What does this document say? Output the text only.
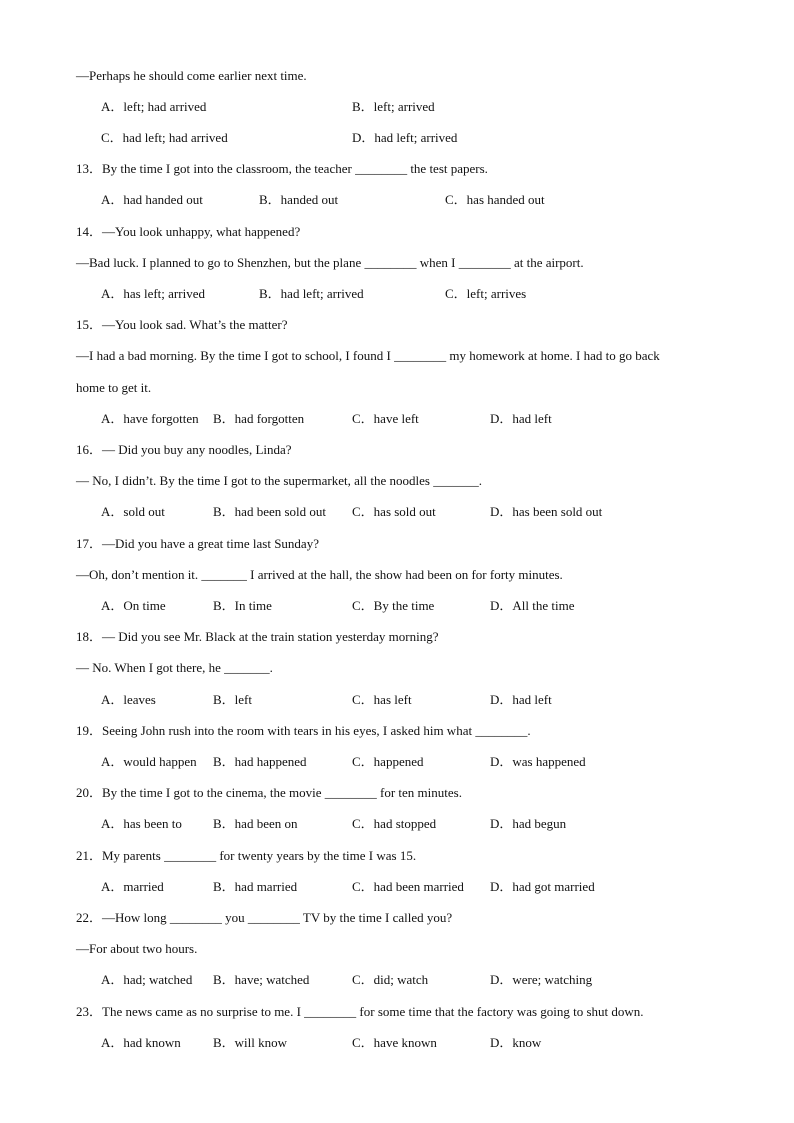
—Perhaps he should come earlier next time.
A．left; had arrived	B．left; arrived
C．had left; had arrived	D．had left; arrived
13．By the time I got into the classroom, the teacher ________ the test papers.
A．had handed out	B．handed out	C．has handed out
14．—You look unhappy, what happened?
—Bad luck. I planned to go to Shenzhen, but the plane ________ when I ________ at the airport.
A．has left; arrived	B．had left; arrived	C．left; arrives
15．—You look sad. What’s the matter?
—I had a bad morning. By the time I got to school, I found I ________ my homework at home. I had to go back
home to get it.
A．have forgotten B．had forgotten	C．have left	D．had left
16．— Did you buy any noodles, Linda?
— No, I didn’t. By the time I got to the supermarket, all the noodles _______.
A．sold out	B．had been sold out C．has sold out	D．has been sold out
17．—Did you have a great time last Sunday?
—Oh, don’t mention it. _______ I arrived at the hall, the show had been on for forty minutes.
A．On time	B．In time	C．By the time	D．All the time
18．— Did you see Mr. Black at the train station yesterday morning?
— No. When I got there, he _______.
A．leaves	B．left	C．has left	D．had left
19．Seeing John rush into the room with tears in his eyes, I asked him what ________.
A．would happen B．had happened	C．happened	D．was happened
20．By the time I got to the cinema, the movie ________ for ten minutes.
A．has been to B．had been on	C．had stopped	D．had begun
21．My parents ________ for twenty years by the time I was 15.
A．married	B．had married	C．had been married D．had got married
22．—How long ________ you ________ TV by the time I called you?
—For about two hours.
A．had; watched B．have; watched	C．did; watch	D．were; watching
23．The news came as no surprise to me. I ________ for some time that the factory was going to shut down.
A．had known B．will know	C．have known	D．know
